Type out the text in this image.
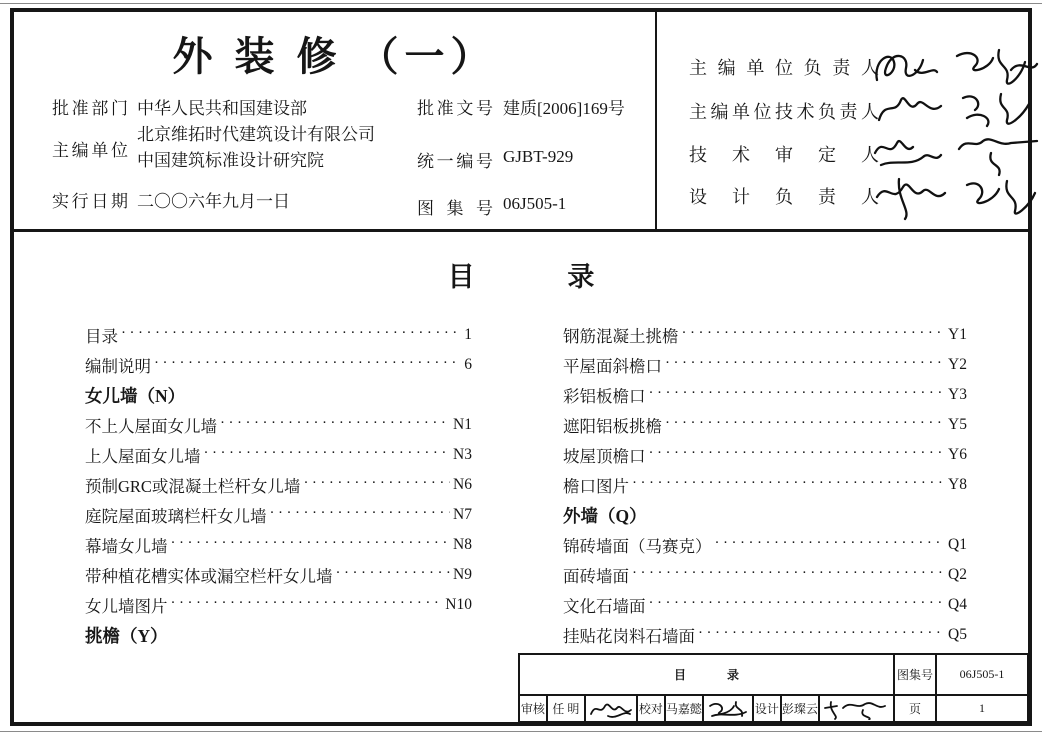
外 装 修 （一）
批准部门 中华人民共和国建设部
主编单位
北京维拓时代建筑设计有限公司
中国建筑标准设计研究院
实行日期 二〇〇六年九月一日
批准文号 建质[2006]169号
统一编号 GJBT-929
图集号 06J505-1
主编单位负责人
主编单位技术负责人
技术审定人
设计负责人
目 录
目录 ·····	1
编制说明 ·····	6
女儿墙（N）
不上人屋面女儿墙 ·····	N1
上人屋面女儿墙 ·····	N3
预制GRC或混凝土栏杆女儿墙 ·····	N6
庭院屋面玻璃栏杆女儿墙 ·····	N7
幕墙女儿墙 ·····	N8
带种植花槽实体或漏空栏杆女儿墙 ·····	N9
女儿墙图片 ·····	N10
挑檐（Y）
钢筋混凝土挑檐 ·····	Y1
平屋面斜檐口 ·····	Y2
彩铝板檐口 ·····	Y3
遮阳铝板挑檐 ·····	Y5
坡屋顶檐口 ·····	Y6
檐口图片 ·····	Y8
外墙（Q）
锦砖墙面（马赛克） ·····	Q1
面砖墙面 ·····	Q2
文化石墙面 ·····	Q4
挂贴花岗料石墙面 ·····	Q5
目 录									图集号	06J505-1
审核	任 明		校对	马嘉懿		设计	彭璨云		页	1
